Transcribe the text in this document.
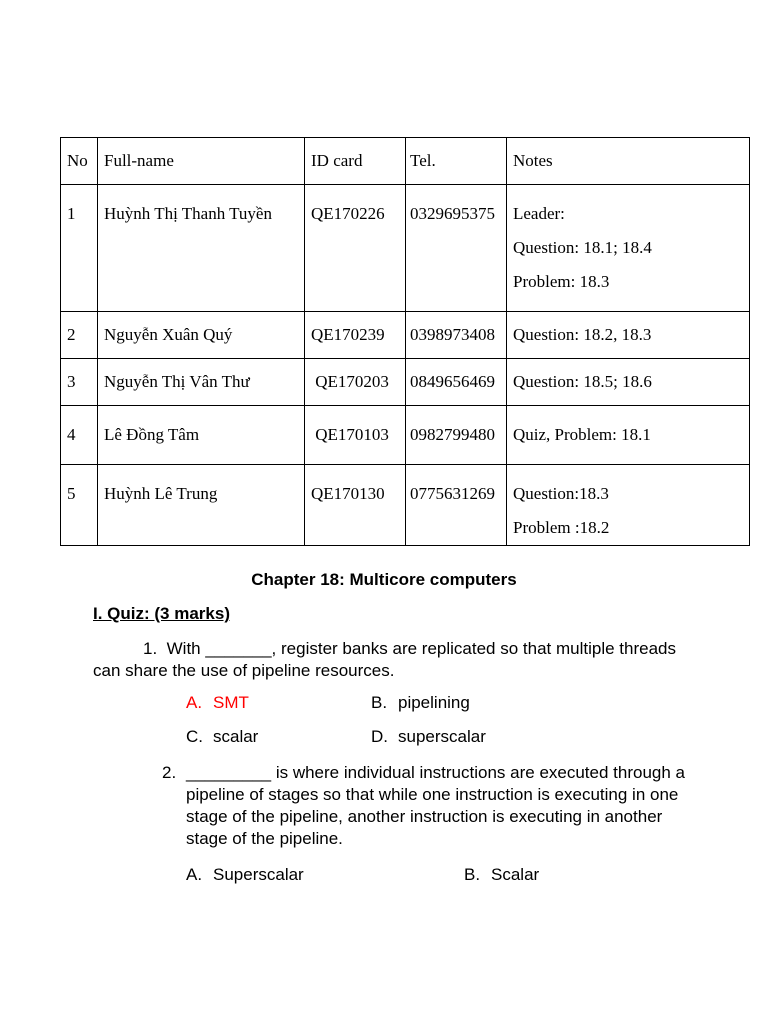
No	Full-name	ID card	Tel.	Notes
1	Huỳnh Thị Thanh Tuyền	QE170226	0329695375	Leader:
Question: 18.1; 18.4
Problem: 18.3

2	Nguyễn Xuân Quý	QE170239	0398973408	Question: 18.2, 18.3

3	Nguyễn Thị Vân Thư	QE170203	0849656469	Question: 18.5; 18.6

4	Lê Đồng Tâm	QE170103	0982799480	Quiz, Problem: 18.1

5	Huỳnh Lê Trung	QE170130	0775631269	Question:18.3
Problem :18.2
Chapter 18: Multicore computers
I. Quiz: (3 marks)
1. With _______, register banks are replicated so that multiple threads can share the use of pipeline resources.
A. SMT	B. pipelining
C. scalar	D. superscalar
2. _________ is where individual instructions are executed through a pipeline of stages so that while one instruction is executing in one stage of the pipeline, another instruction is executing in another stage of the pipeline.
A. Superscalar	B. Scalar
